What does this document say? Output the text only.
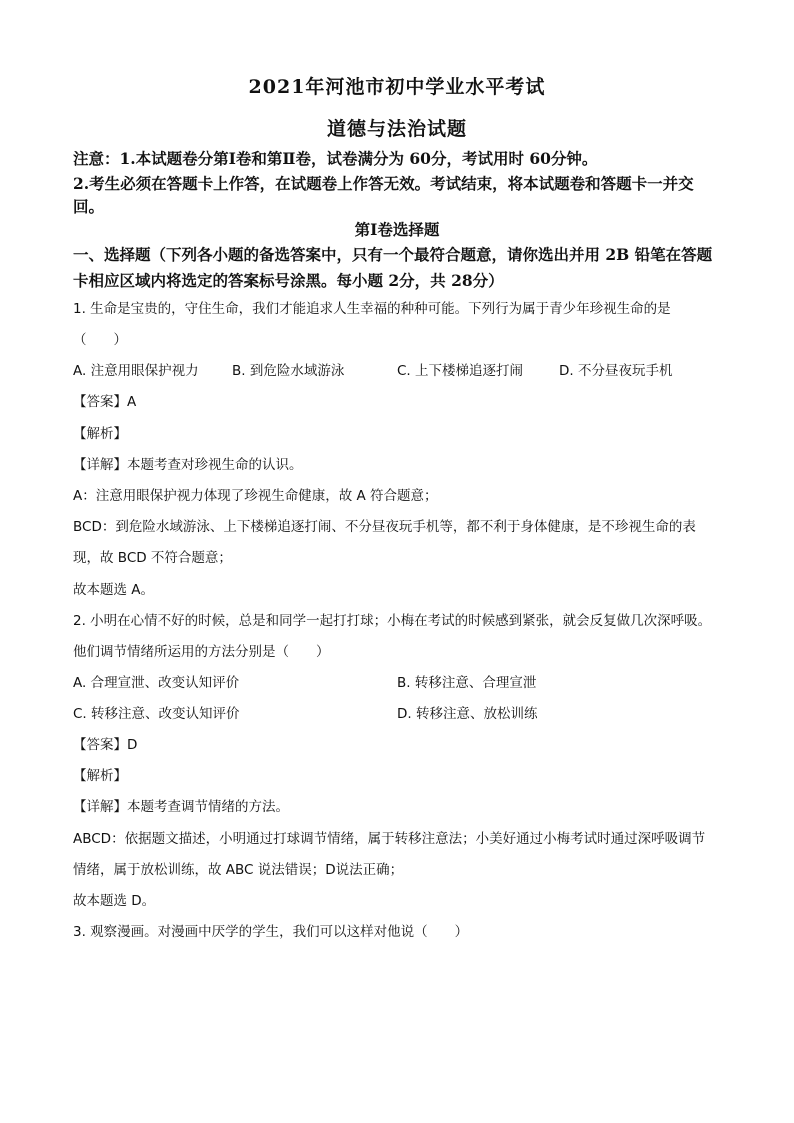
2021年河池市初中学业水平考试
道德与法治试题
注意：1.本试题卷分第Ⅰ卷和第Ⅱ卷，试卷满分为 60分，考试用时 60分钟。
2.考生必须在答题卡上作答，在试题卷上作答无效。考试结束，将本试题卷和答题卡一并交
回。
第Ⅰ卷选择题
一、选择题（下列各小题的备选答案中，只有一个最符合题意，请你选出并用 2B 铅笔在答题
卡相应区域内将选定的答案标号涂黑。每小题 2分，共 28分）
1. 生命是宝贵的，守住生命，我们才能追求人生幸福的种种可能。下列行为属于青少年珍视生命的是
（　　）
A. 注意用眼保护视力 B. 到危险水域游泳	C. 上下楼梯追逐打闹	D. 不分昼夜玩手机
【答案】A
【解析】
【详解】本题考查对珍视生命的认识。
A：注意用眼保护视力体现了珍视生命健康，故 A 符合题意；
BCD：到危险水域游泳、上下楼梯追逐打闹、不分昼夜玩手机等，都不利于身体健康，是不珍视生命的表
现，故 BCD 不符合题意；
故本题选 A。
2. 小明在心情不好的时候，总是和同学一起打打球；小梅在考试的时候感到紧张，就会反复做几次深呼吸。
他们调节情绪所运用的方法分别是（　　）
A. 合理宣泄、改变认知评价	B. 转移注意、合理宣泄
C. 转移注意、改变认知评价	D. 转移注意、放松训练
【答案】D
【解析】
【详解】本题考查调节情绪的方法。
ABCD：依据题文描述，小明通过打球调节情绪，属于转移注意法；小美好通过小梅考试时通过深呼吸调节
情绪，属于放松训练，故 ABC 说法错误；D说法正确；
故本题选 D。
3. 观察漫画。对漫画中厌学的学生，我们可以这样对他说（　　）
